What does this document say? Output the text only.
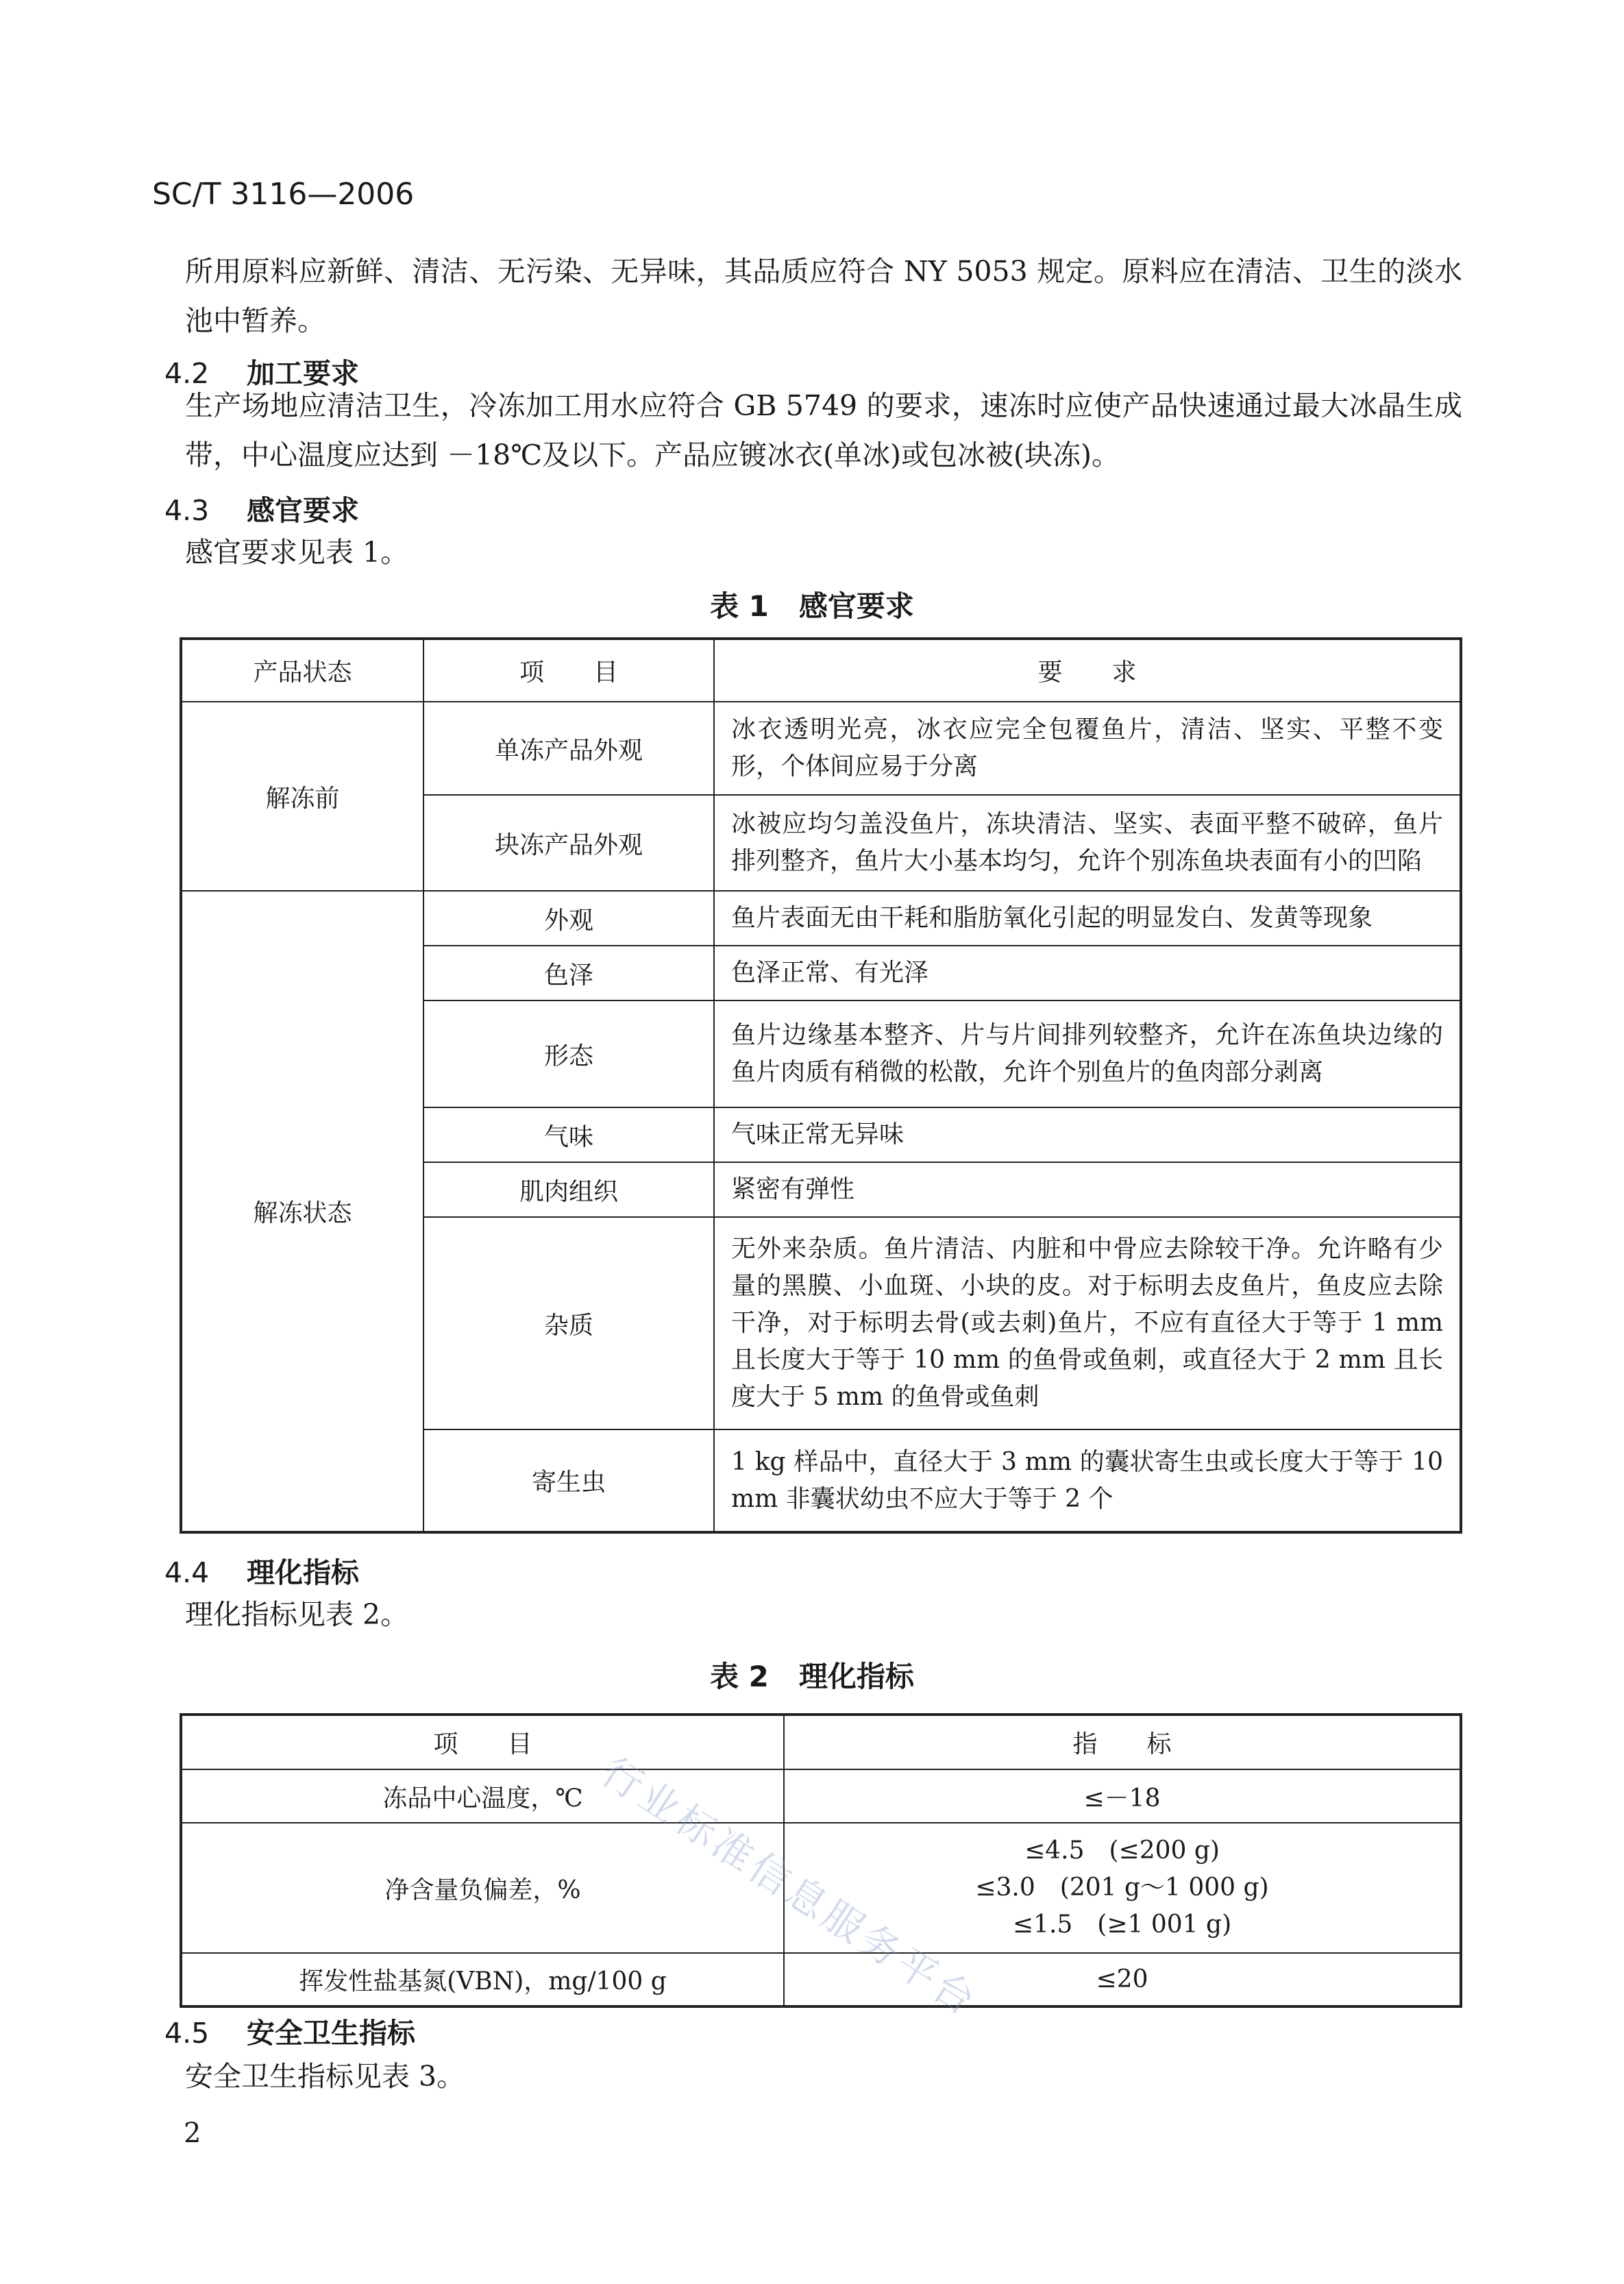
SC/T 3116—2006
所用原料应新鲜、清洁、无污染、无异味，其品质应符合 NY 5053 规定。原料应在清洁、卫生的淡水池中暂养。
4.2 加工要求
生产场地应清洁卫生，冷冻加工用水应符合 GB 5749 的要求，速冻时应使产品快速通过最大冰晶生成带，中心温度应达到 －18℃及以下。产品应镀冰衣(单冰)或包冰被(块冻)。
4.3 感官要求
感官要求见表 1。
表 1 感官要求
产品状态	项　　目	要　　求
解冻前	单冻产品外观	冰衣透明光亮，冰衣应完全包覆鱼片，清洁、坚实、平整不变形，个体间应易于分离
	块冻产品外观	冰被应均匀盖没鱼片，冻块清洁、坚实、表面平整不破碎，鱼片排列整齐，鱼片大小基本均匀，允许个别冻鱼块表面有小的凹陷
解冻状态	外观	鱼片表面无由干耗和脂肪氧化引起的明显发白、发黄等现象
	色泽	色泽正常、有光泽
	形态	鱼片边缘基本整齐、片与片间排列较整齐，允许在冻鱼块边缘的鱼片肉质有稍微的松散，允许个别鱼片的鱼肉部分剥离
	气味	气味正常无异味
	肌肉组织	紧密有弹性
	杂质	无外来杂质。鱼片清洁、内脏和中骨应去除较干净。允许略有少量的黑膜、小血斑、小块的皮。对于标明去皮鱼片，鱼皮应去除干净，对于标明去骨(或去刺)鱼片，不应有直径大于等于 1 mm 且长度大于等于 10 mm 的鱼骨或鱼刺，或直径大于 2 mm 且长度大于 5 mm 的鱼骨或鱼刺
	寄生虫	1 kg 样品中，直径大于 3 mm 的囊状寄生虫或长度大于等于 10 mm 非囊状幼虫不应大于等于 2 个
4.4 理化指标
理化指标见表 2。
表 2 理化指标
项　　目	指　　标
冻品中心温度，℃	≤－18
净含量负偏差，%	≤4.5　(≤200 g)
≤3.0　(201 g～1 000 g)
≤1.5　(≥1 001 g)

挥发性盐基氮(VBN)，mg/100 g	≤20
4.5 安全卫生指标
安全卫生指标见表 3。
2
行业标准信息服务平台
